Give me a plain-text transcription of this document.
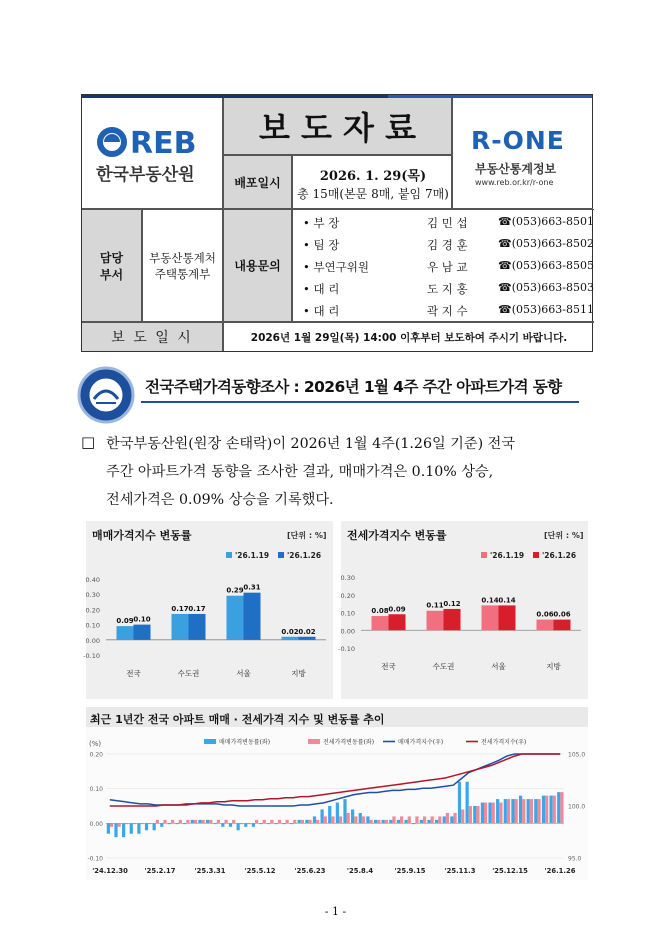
REB
한국부동산원
보 도 자 료	R-ONE
부동산통계정보
www.reb.or.kr/r-one
배포일시	2026. 1. 29(목)
총 15매(본문 8매, 붙임 7매)
담당
부서
부동산통계처
주택통계부
내용문의
• 부 장	김 민 섭	☎(053)663-8501
• 팀 장	김 경 훈	☎(053)663-8502
• 부연구위원	우 남 교	☎(053)663-8505
• 대 리	도 지 홍	☎(053)663-8503
• 대 리	곽 지 수	☎(053)663-8511
보 도 일 시	2026년 1월 29일(목) 14:00 이후부터 보도하여 주시기 바랍니다.
전국주택가격동향조사 : 2026년 1월 4주 주간 아파트가격 동향
□ 한국부동산원(원장 손태락)이 2026년 1월 4주(1.26일 기준) 전국
주간 아파트가격 동향을 조사한 결과, 매매가격은 0.10% 상승,
전세가격은 0.09% 상승을 기록했다.
매매가격지수 변동률	[단위 : %]
0.40
0.30
0.20
0.10
0.00
-0.10
'26.1.19 '26.1.26
전국
0.09 0.10
수도권
0.17 0.17
서울
0.29 0.31
지방
0.02 0.02
전세가격지수 변동률	[단위 : %]
0.30
0.20
0.10
0.00
-0.10
'26.1.19 '26.1.26
전국
0.08 0.09
수도권
0.11 0.12
서울
0.14 0.14
지방
0.06 0.06
최근 1년간 전국 아파트 매매 · 전세가격 지수 및 변동률 추이
(%)
0.20
0.10
0.00
-0.10
105.0
100.0
95.0
매매가격변동률(좌)	전세가격변동률(좌)	매매가격지수(우)	전세가격지수(우)
'24.12.30 '25.2.17	'25.3.31	'25.5.12	'25.6.23	'25.8.4	'25.9.15	'25.11.3 '25.12.15 '26.1.26
- 1 -
